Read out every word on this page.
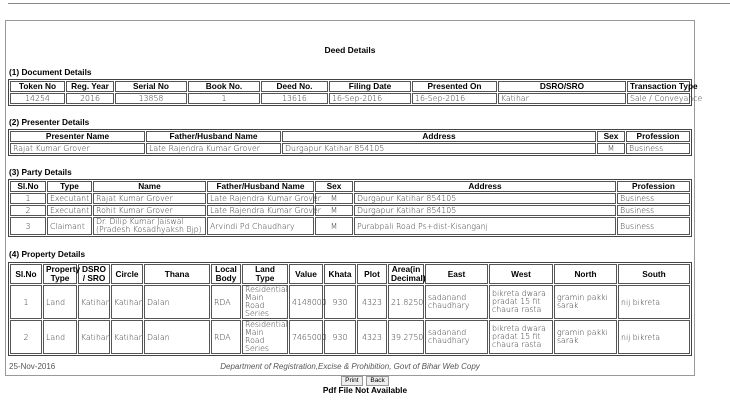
Deed Details
(1) Document Details
Token No	Reg. Year	Serial No	Book No.	Deed No.	Filing Date	Presented On	DSRO/SRO	Transaction Type
14254	2016	13858	1	13616	16-Sep-2016	16-Sep-2016	Katihar	Sale / Conveyance
(2) Presenter Details
Presenter Name	Father/Husband Name	Address	Sex	Profession
Rajat Kumar Grover	Late Rajendra Kumar Grover	Durgapur Katihar 854105	M	Business
(3) Party Details
Sl.No	Type	Name	Father/Husband Name	Sex	Address	Profession
1	Executant	Rajat Kumar Grover	Late Rajendra Kumar Grover	M	Durgapur Katihar 854105	Business
2	Executant	Rohit Kumar Grover	Late Rajendra Kumar Grover	M	Durgapur Katihar 854105	Business
3	Claimant	Dr. Dilip Kumar Jaiswal (Pradesh Kosadhyaksh Bjp)	Arvindi Pd Chaudhary	M	Purabpali Road Ps+dist-Kisanganj	Business
(4) Property Details
Sl.No	Property Type	DSRO / SRO	Circle	Thana	Local Body	Land Type	Value	Khata	Plot	Area(in Decimal)	East	West	North	South
1	Land	Katihar	Katihar	Dalan	RDA	Residential Main Road Series	4148000	930	4323	21.8250	sadanand chaudhary	bikreta dwara pradat 15 fit chaura rasta	gramin pakki sarak	nij bikreta
2	Land	Katihar	Katihar	Dalan	RDA	Residential Main Road Series	7465000	930	4323	39.2750	sadanand chaudhary	bikreta dwara pradat 15 fit chaura rasta	gramin pakki sarak	nij bikreta
25-Nov-2016	Department of Registration,Excise & Prohibition, Govt of Bihar Web Copy
Print Back
Pdf File Not Available
